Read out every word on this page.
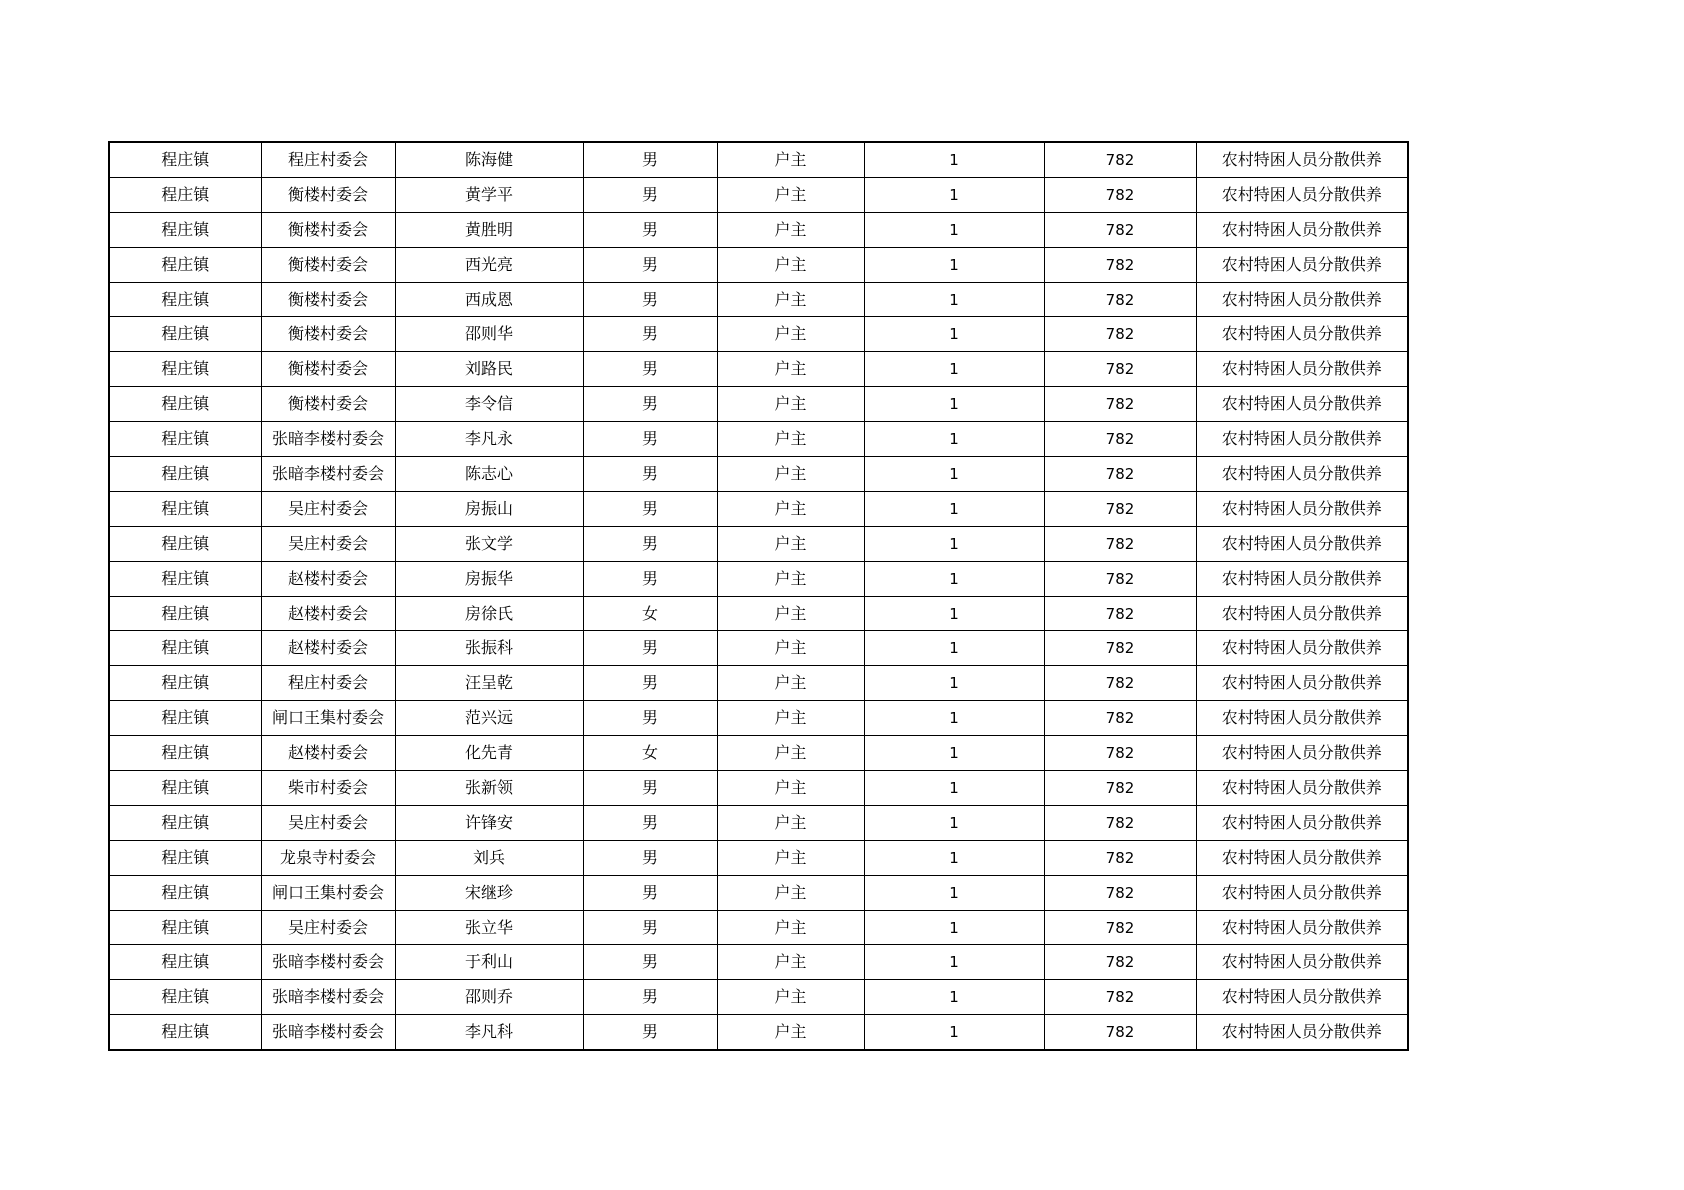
程庄镇	程庄村委会	陈海健	男	户主	1	782	农村特困人员分散供养
程庄镇	衡楼村委会	黄学平	男	户主	1	782	农村特困人员分散供养
程庄镇	衡楼村委会	黄胜明	男	户主	1	782	农村特困人员分散供养
程庄镇	衡楼村委会	西光亮	男	户主	1	782	农村特困人员分散供养
程庄镇	衡楼村委会	西成恩	男	户主	1	782	农村特困人员分散供养
程庄镇	衡楼村委会	邵则华	男	户主	1	782	农村特困人员分散供养
程庄镇	衡楼村委会	刘路民	男	户主	1	782	农村特困人员分散供养
程庄镇	衡楼村委会	李令信	男	户主	1	782	农村特困人员分散供养
程庄镇	张暗李楼村委会	李凡永	男	户主	1	782	农村特困人员分散供养
程庄镇	张暗李楼村委会	陈志心	男	户主	1	782	农村特困人员分散供养
程庄镇	吴庄村委会	房振山	男	户主	1	782	农村特困人员分散供养
程庄镇	吴庄村委会	张文学	男	户主	1	782	农村特困人员分散供养
程庄镇	赵楼村委会	房振华	男	户主	1	782	农村特困人员分散供养
程庄镇	赵楼村委会	房徐氏	女	户主	1	782	农村特困人员分散供养
程庄镇	赵楼村委会	张振科	男	户主	1	782	农村特困人员分散供养
程庄镇	程庄村委会	汪呈乾	男	户主	1	782	农村特困人员分散供养
程庄镇	闸口王集村委会	范兴远	男	户主	1	782	农村特困人员分散供养
程庄镇	赵楼村委会	化先青	女	户主	1	782	农村特困人员分散供养
程庄镇	柴市村委会	张新领	男	户主	1	782	农村特困人员分散供养
程庄镇	吴庄村委会	许锋安	男	户主	1	782	农村特困人员分散供养
程庄镇	龙泉寺村委会	刘兵	男	户主	1	782	农村特困人员分散供养
程庄镇	闸口王集村委会	宋继珍	男	户主	1	782	农村特困人员分散供养
程庄镇	吴庄村委会	张立华	男	户主	1	782	农村特困人员分散供养
程庄镇	张暗李楼村委会	于利山	男	户主	1	782	农村特困人员分散供养
程庄镇	张暗李楼村委会	邵则乔	男	户主	1	782	农村特困人员分散供养
程庄镇	张暗李楼村委会	李凡科	男	户主	1	782	农村特困人员分散供养
